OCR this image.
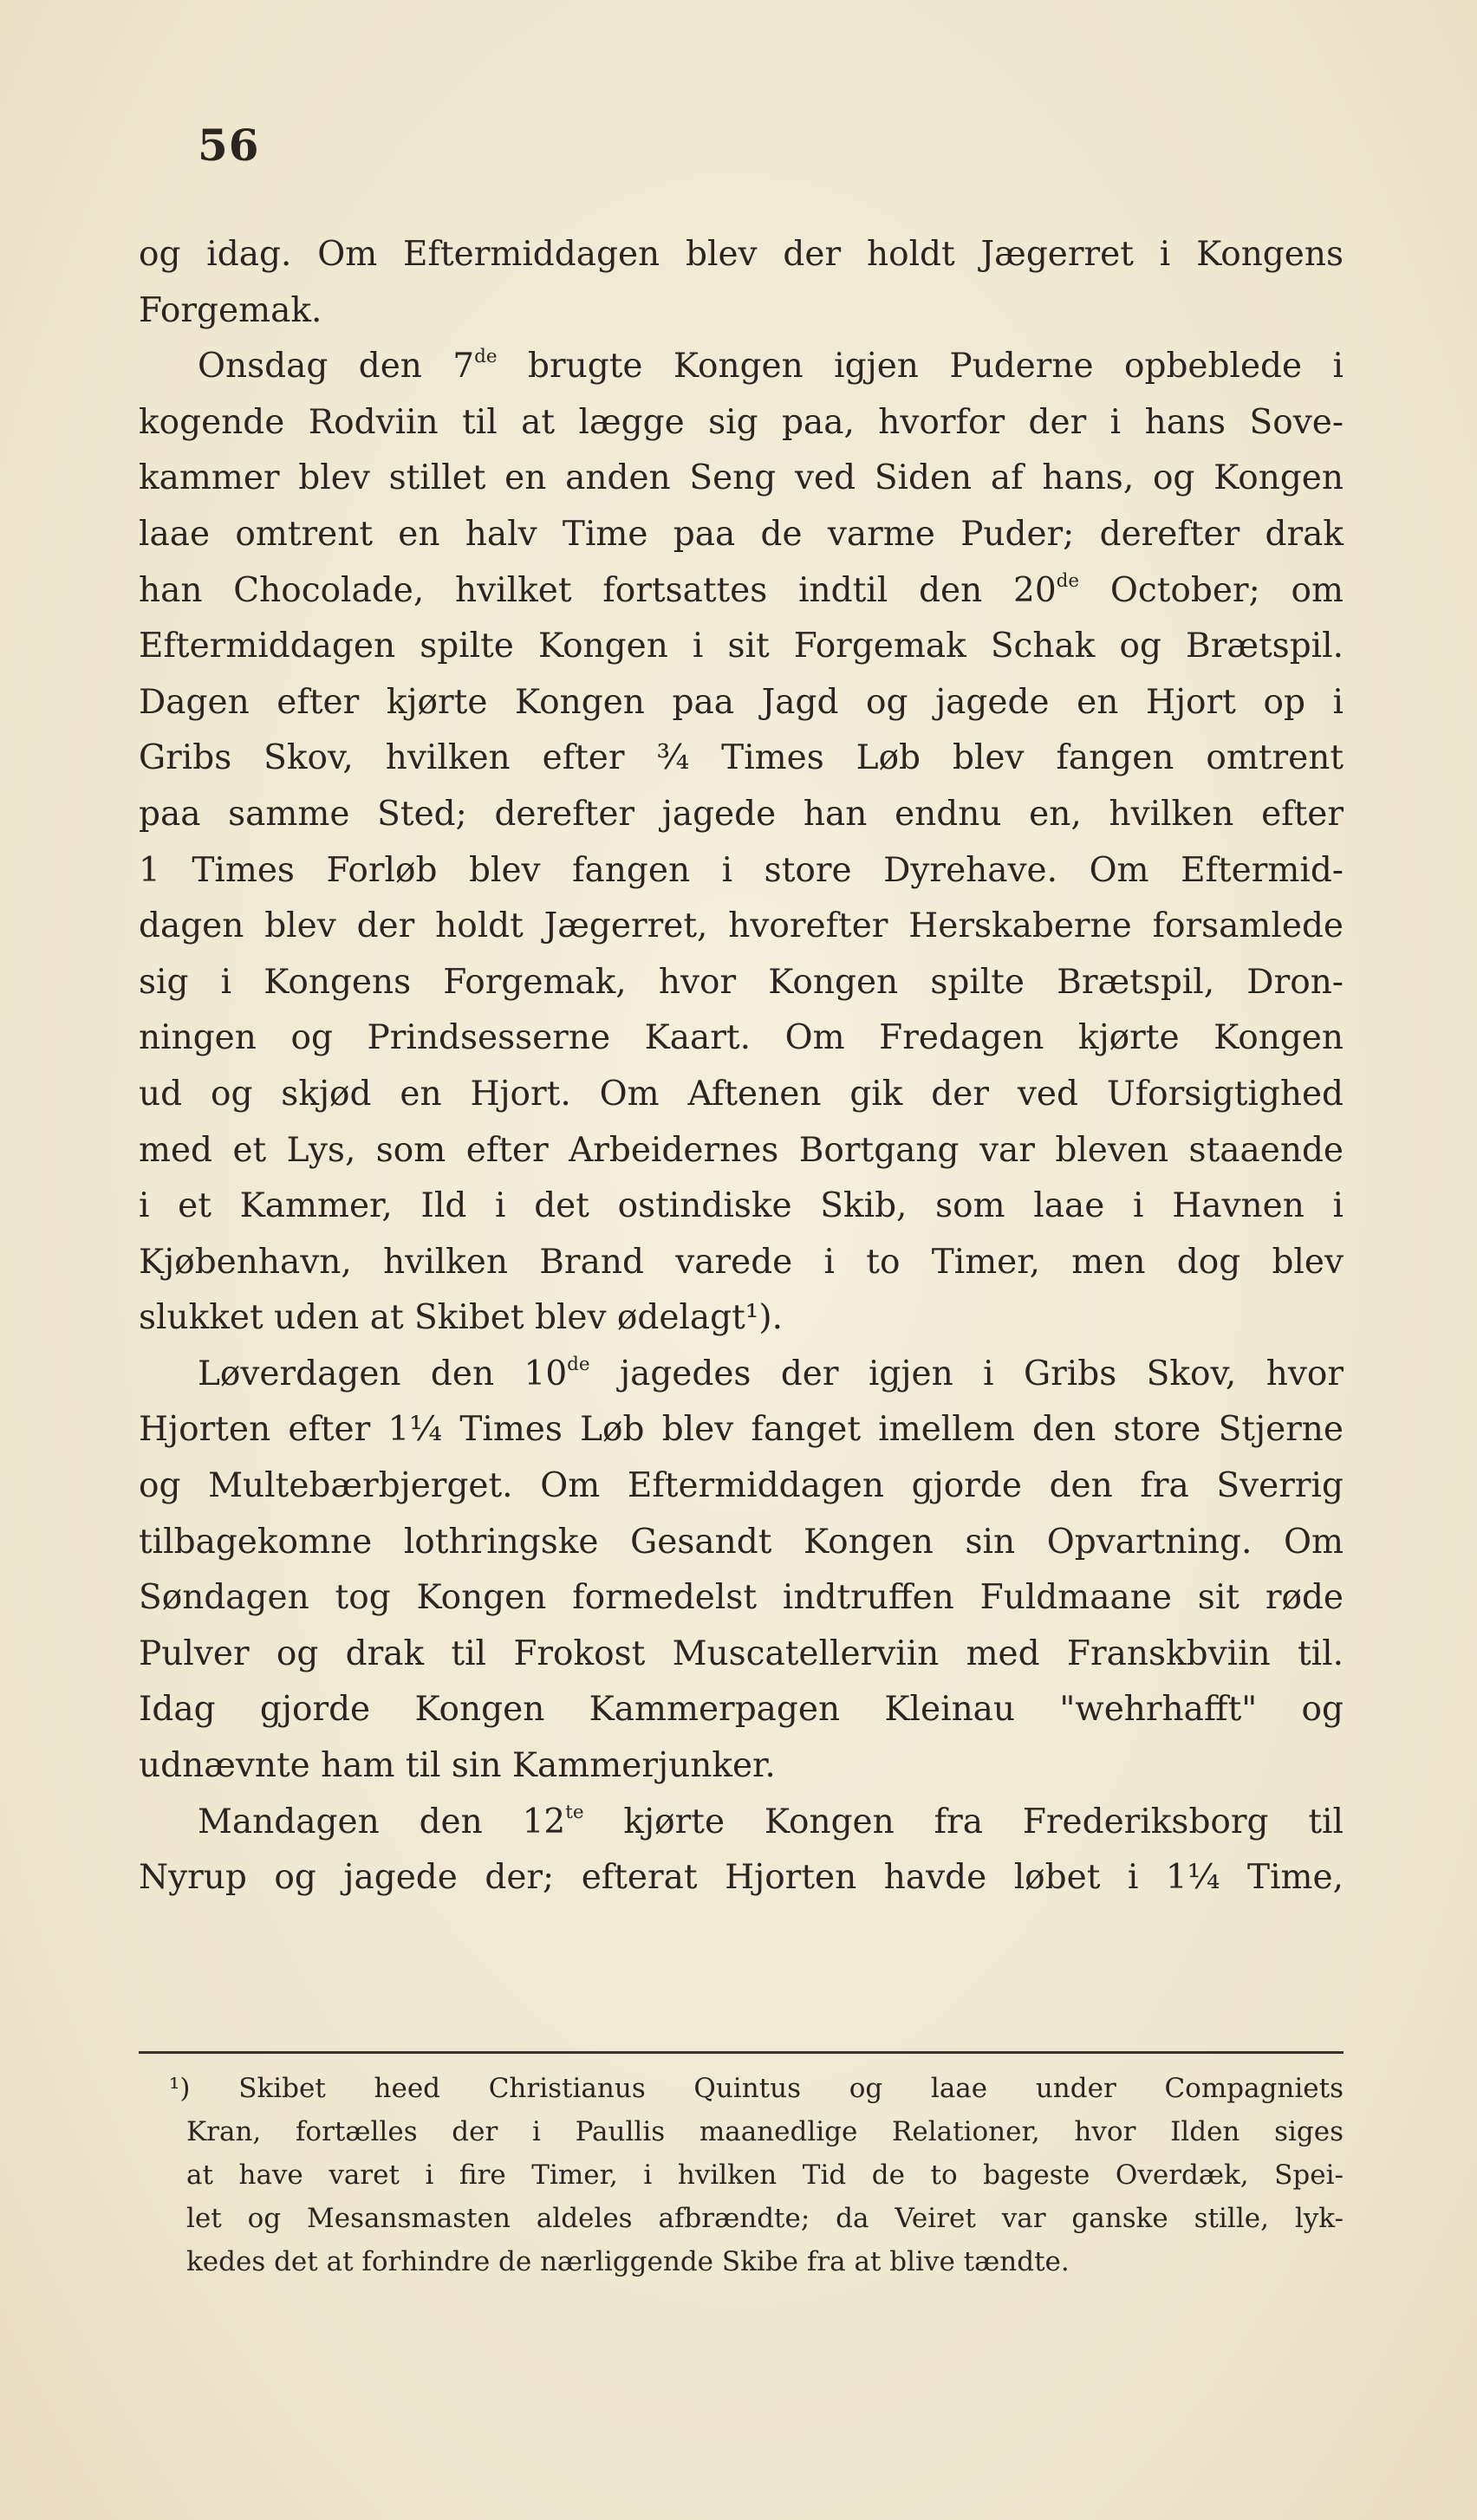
56
og idag. Om Eftermiddagen blev der holdt Jægerret i Kongens
Forgemak.
Onsdag den 7de brugte Kongen igjen Puderne opbeblede i
kogende Rodviin til at lægge sig paa, hvorfor der i hans Sove-
kammer blev stillet en anden Seng ved Siden af hans, og Kongen
laae omtrent en halv Time paa de varme Puder; derefter drak
han Chocolade, hvilket fortsattes indtil den 20de October; om
Eftermiddagen spilte Kongen i sit Forgemak Schak og Brætspil.
Dagen efter kjørte Kongen paa Jagd og jagede en Hjort op i
Gribs Skov, hvilken efter ¾ Times Løb blev fangen omtrent
paa samme Sted; derefter jagede han endnu en, hvilken efter
1 Times Forløb blev fangen i store Dyrehave. Om Eftermid-
dagen blev der holdt Jægerret, hvorefter Herskaberne forsamlede
sig i Kongens Forgemak, hvor Kongen spilte Brætspil, Dron-
ningen og Prindsesserne Kaart. Om Fredagen kjørte Kongen
ud og skjød en Hjort. Om Aftenen gik der ved Uforsigtighed
med et Lys, som efter Arbeidernes Bortgang var bleven staaende
i et Kammer, Ild i det ostindiske Skib, som laae i Havnen i
Kjøbenhavn, hvilken Brand varede i to Timer, men dog blev
slukket uden at Skibet blev ødelagt¹).
Løverdagen den 10de jagedes der igjen i Gribs Skov, hvor
Hjorten efter 1¼ Times Løb blev fanget imellem den store Stjerne
og Multebærbjerget. Om Eftermiddagen gjorde den fra Sverrig
tilbagekomne lothringske Gesandt Kongen sin Opvartning. Om
Søndagen tog Kongen formedelst indtruffen Fuldmaane sit røde
Pulver og drak til Frokost Muscatellerviin med Franskbviin til.
Idag gjorde Kongen Kammerpagen Kleinau "wehrhafft" og
udnævnte ham til sin Kammerjunker.
Mandagen den $12^{te}$ kjørte Kongen fra Frederiksborg til
Nyrup og jagede der; efterat Hjorten havde løbet i 1¼ Time,
¹) Skibet heed Christianus Quintus og laae under Compagniets
Kran, fortælles der i Paullis maanedlige Relationer, hvor Ilden siges
at have varet i fire Timer, i hvilken Tid de to bageste Overdæk, Spei-
let og Mesansmasten aldeles afbrændte; da Veiret var ganske stille, lyk-
kedes det at forhindre de nærliggende Skibe fra at blive tændte.
